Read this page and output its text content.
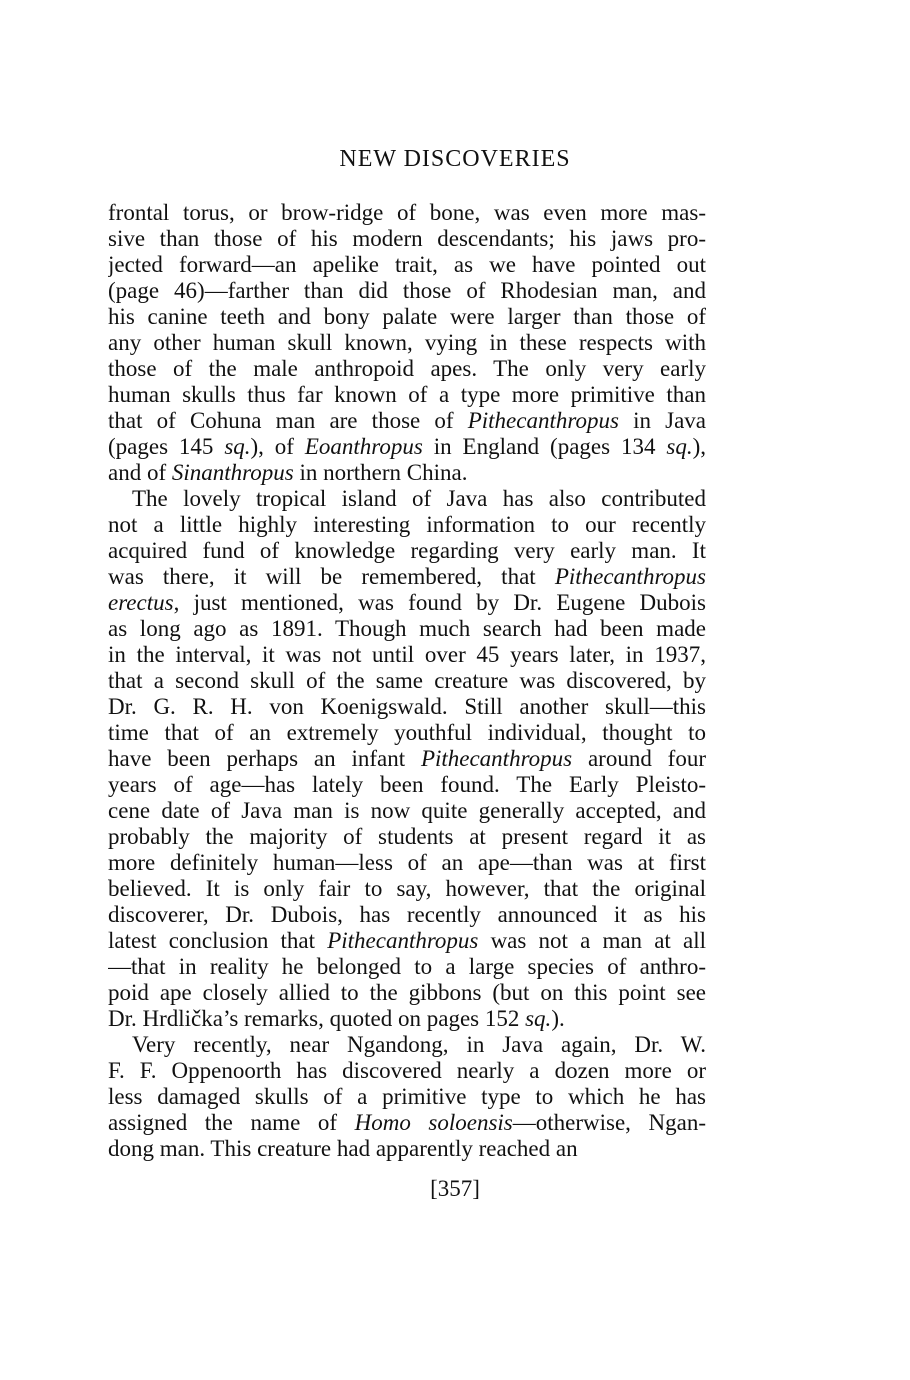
NEW DISCOVERIES
frontal torus, or brow-ridge of bone, was even more mas-
sive than those of his modern descendants; his jaws pro-
jected forward—an apelike trait, as we have pointed out
(page 46)—farther than did those of Rhodesian man, and
his canine teeth and bony palate were larger than those of
any other human skull known, vying in these respects with
those of the male anthropoid apes. The only very early
human skulls thus far known of a type more primitive than
that of Cohuna man are those of Pithecanthropus in Java
(pages 145 sq.), of Eoanthropus in England (pages 134 sq.),
and of Sinanthropus in northern China.
The lovely tropical island of Java has also contributed
not a little highly interesting information to our recently
acquired fund of knowledge regarding very early man. It
was there, it will be remembered, that Pithecanthropus
erectus, just mentioned, was found by Dr. Eugene Dubois
as long ago as 1891. Though much search had been made
in the interval, it was not until over 45 years later, in 1937,
that a second skull of the same creature was discovered, by
Dr. G. R. H. von Koenigswald. Still another skull—this
time that of an extremely youthful individual, thought to
have been perhaps an infant Pithecanthropus around four
years of age—has lately been found. The Early Pleisto-
cene date of Java man is now quite generally accepted, and
probably the majority of students at present regard it as
more definitely human—less of an ape—than was at first
believed. It is only fair to say, however, that the original
discoverer, Dr. Dubois, has recently announced it as his
latest conclusion that Pithecanthropus was not a man at all
—that in reality he belonged to a large species of anthro-
poid ape closely allied to the gibbons (but on this point see
Dr. Hrdlička’s remarks, quoted on pages 152 sq.).
Very recently, near Ngandong, in Java again, Dr. W.
F. F. Oppenoorth has discovered nearly a dozen more or
less damaged skulls of a primitive type to which he has
assigned the name of Homo soloensis—otherwise, Ngan-
dong man. This creature had apparently reached an
[357]
